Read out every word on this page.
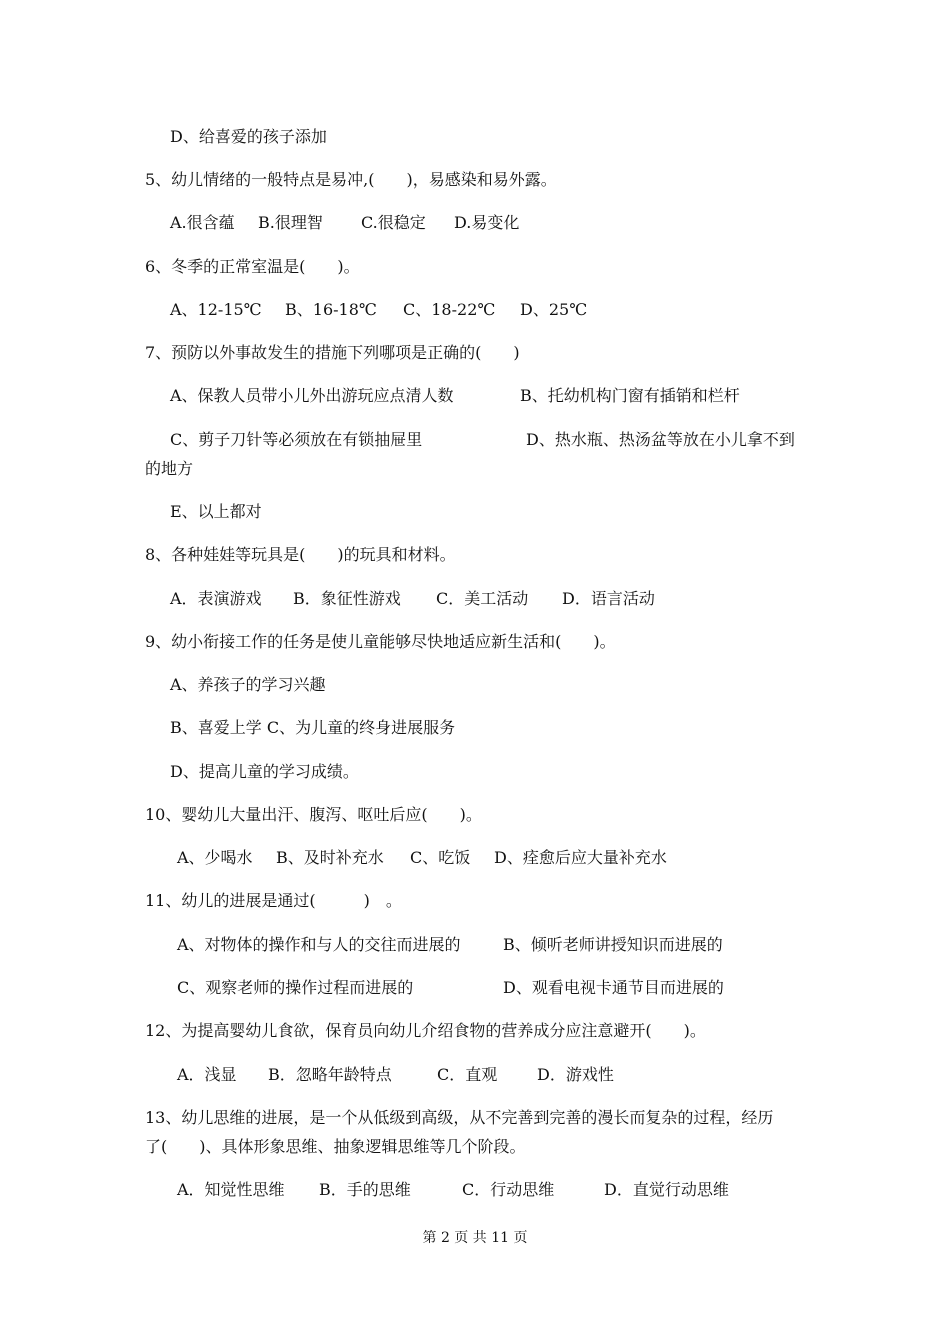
D、给喜爱的孩子添加
5、幼儿情绪的一般特点是易冲,(　　)，易感染和易外露。

A.很含蕴

B.很理智

C.很稳定

D.易变化

6、冬季的正常室温是(　　)。

A、12-15℃

B、16-18℃

C、18-22℃

D、25℃

7、预防以外事故发生的措施下列哪项是正确的(　　)
A、保教人员带小儿外出游玩应点清人数	B、托幼机构门窗有插销和栏杆
C、剪子刀针等必须放在有锁抽屉里	D、热水瓶、热汤盆等放在小儿拿不到
的地方
E、以上都对
8、各种娃娃等玩具是(　　)的玩具和材料。

A．表演游戏

B．象征性游戏

C．美工活动

D．语言活动

9、幼小衔接工作的任务是使儿童能够尽快地适应新生活和(　　)。
A、养孩子的学习兴趣
B、喜爱上学 C、为儿童的终身进展服务
D、提高儿童的学习成绩。
10、婴幼儿大量出汗、腹泻、呕吐后应(　　)。

A、少喝水

B、及时补充水

C、吃饭

D、痊愈后应大量补充水

11、幼儿的进展是通过(　　　)　。
A、对物体的操作和与人的交往而进展的	B、倾听老师讲授知识而进展的
C、观察老师的操作过程而进展的	D、观看电视卡通节目而进展的
12、为提高婴幼儿食欲，保育员向幼儿介绍食物的营养成分应注意避开(　　)。

A．浅显

B．忽略年龄特点

	C．直观

D．游戏性

13、幼儿思维的进展，是一个从低级到高级，从不完善到完善的漫长而复杂的过程，经历
了(　　)、具体形象思维、抽象逻辑思维等几个阶段。

A．知觉性思维

B．手的思维

	C．行动思维

	D．直觉行动思维

第 2 页 共 11 页
